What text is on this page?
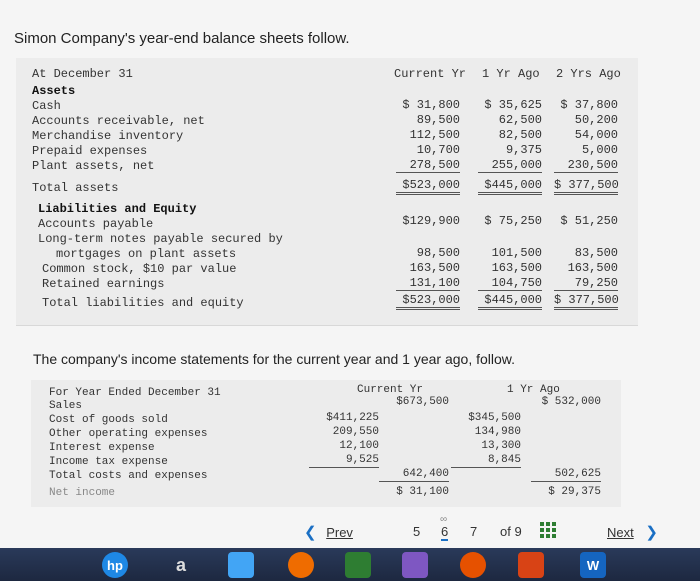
Simon Company's year-end balance sheets follow.
At December 31	Current Yr 1 Yr Ago 2 Yrs Ago
Assets
Cash	$ 31,800	$ 35,625	$ 37,800
Accounts receivable, net	89,500	62,500	50,200
Merchandise inventory	112,500	82,500	54,000
Prepaid expenses	10,700	9,375	5,000
Plant assets, net	278,500	255,000	230,500
Total assets	$523,000	$445,000 $ 377,500
Liabilities and Equity
Accounts payable	$129,900	$ 75,250	$ 51,250
Long-term notes payable secured by
mortgages on plant assets	98,500	101,500	83,500
Common stock, $10 par value	163,500	163,500	163,500
Retained earnings	131,100	104,750	79,250
Total liabilities and equity	$523,000	$445,000 $ 377,500
The company's income statements for the current year and 1 year ago, follow.
For Year Ended December 31	Current Yr	1 Yr Ago
Sales	$673,500	$ 532,000
Cost of goods sold	$411,225	$345,500
Other operating expenses	209,550	134,980
Interest expense	12,100	13,300
Income tax expense	9,525	8,845
Total costs and expenses	642,400	502,625
Net income	$ 31,100	$ 29,375
❮ Prev	5
∞
6 7 of 9	Next ❯
hp	a	W
